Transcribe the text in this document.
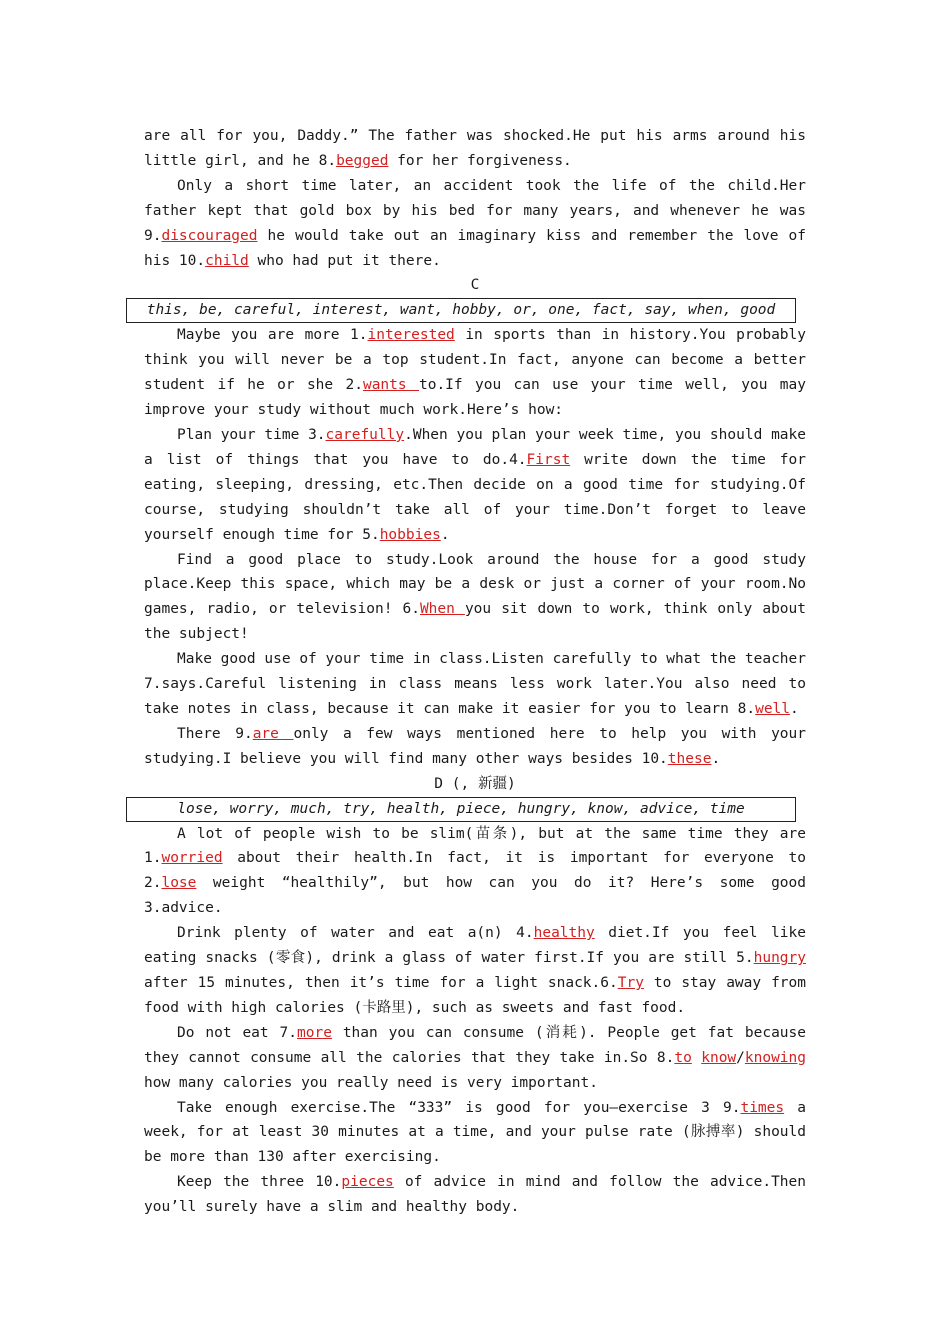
are all for you, Daddy.” The father was shocked.He put his arms around his little girl, and he 8.begged for her forgiveness.

Only a short time later, an accident took the life of the child.Her father kept that gold box by his bed for many years, and whenever he was 9.discouraged he would take out an imaginary kiss and remember the love of his 10.child who had put it there.

C

this, be, careful, interest, want, hobby, or, one, fact, say, when, good

Maybe you are more 1.interested in sports than in history.You probably think you will never be a top student.In fact, anyone can become a better student if he or she 2.wants to.If you can use your time well, you may improve your study without much work.Here’s how:

Plan your time 3.carefully.When you plan your week time, you should make a list of things that you have to do.4.First write down the time for eating, sleeping, dressing, etc.Then decide on a good time for studying.Of course, studying shouldn’t take all of your time.Don’t forget to leave yourself enough time for 5.hobbies.

Find a good place to study.Look around the house for a good study place.Keep this space, which may be a desk or just a corner of your room.No games, radio, or television! 6.When you sit down to work, think only about the subject!

Make good use of your time in class.Listen carefully to what the teacher 7.says.Careful listening in class means less work later.You also need to take notes in class, because it can make it easier for you to learn 8.well.

There 9.are only a few ways mentioned here to help you with your studying.I believe you will find many other ways besides 10.these.

D (, 新疆)

lose, worry, much, try, health, piece, hungry, know, advice, time

A lot of people wish to be slim(苗条), but at the same time they are 1.worried about their health.In fact, it is important for everyone to 2.lose weight “healthily”, but how can you do it? Here’s some good 3.advice.

Drink plenty of water and eat a(n) 4.healthy diet.If you feel like eating snacks (零食), drink a glass of water first.If you are still 5.hungry after 15 minutes, then it’s time for a light snack.6.Try to stay away from food with high calories (卡路里), such as sweets and fast food.

Do not eat 7.more than you can consume (消耗). People get fat because they cannot consume all the calories that they take in.So 8.to know/knowing how many calories you really need is very important.

Take enough exercise.The “333” is good for you—exercise 3 9.times a week, for at least 30 minutes at a time, and your pulse rate (脉搏率) should be more than 130 after exercising.

Keep the three 10.pieces of advice in mind and follow the advice.Then you’ll surely have a slim and healthy body.
